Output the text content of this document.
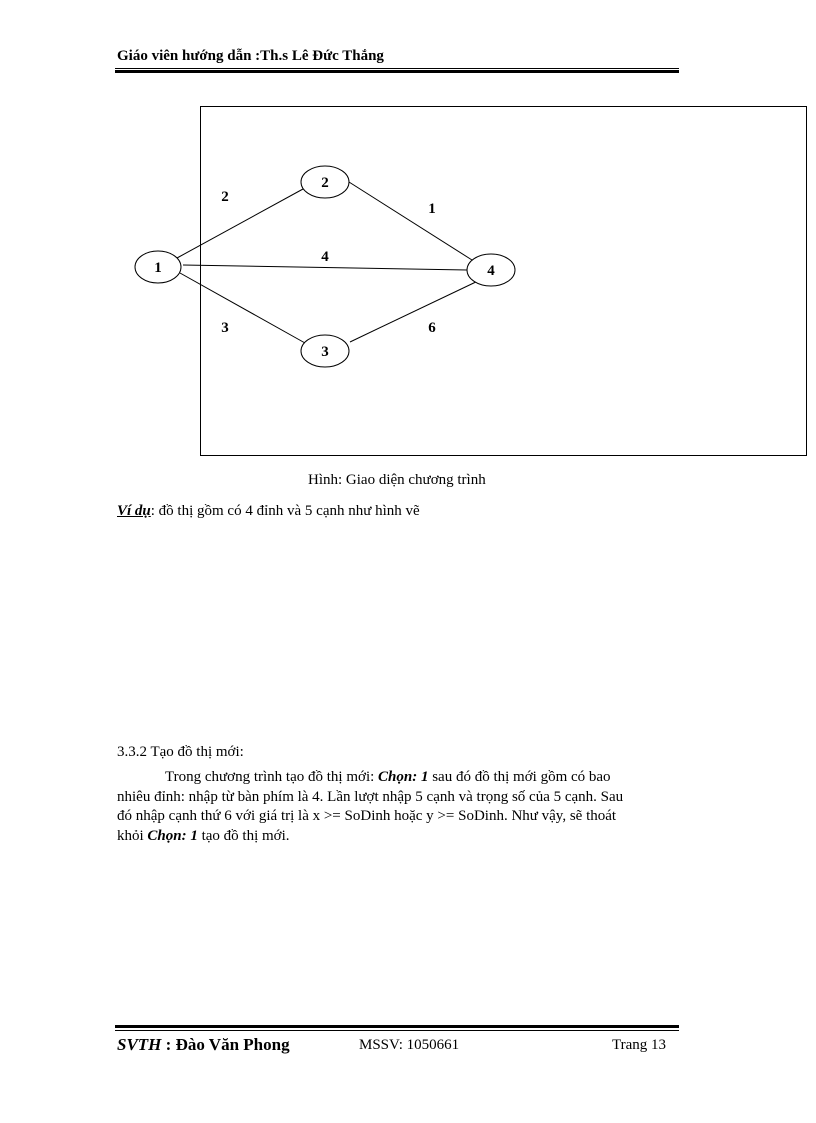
Giáo viên hướng dẫn :Th.s Lê Đức Thắng
1
2
3
4
2
1
4
3	6
Hình: Giao diện chương trình
Ví dụ: đồ thị gồm có 4 đỉnh và 5 cạnh như hình vẽ
3.3.2 Tạo đồ thị mới:

Trong chương trình tạo đồ thị mới: Chọn: 1 sau đó đồ thị mới gồm có bao

nhiêu đỉnh: nhập từ bàn phím là 4. Lần lượt nhập 5 cạnh và trọng số của 5 cạnh. Sau

đó nhập cạnh thứ 6 với giá trị là x >= SoDinh hoặc y >= SoDinh. Như vậy, sẽ thoát

khỏi Chọn: 1 tạo đồ thị mới.

SVTH : Đào Văn Phong	MSSV: 1050661	Trang 13
